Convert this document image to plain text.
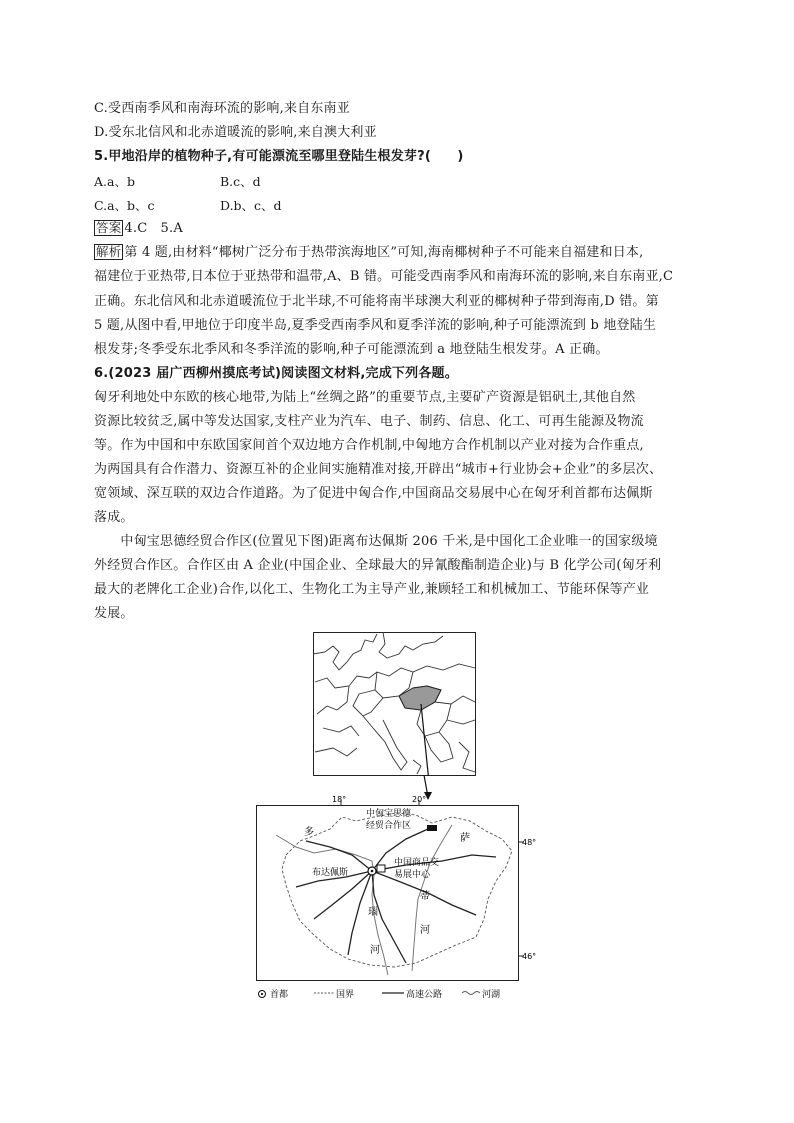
C.受西南季风和南海环流的影响,来自东南亚
D.受东北信风和北赤道暖流的影响,来自澳大利亚
5.甲地沿岸的植物种子,有可能漂流至哪里登陆生根发芽?(　　)
A.a、b	B.c、d
C.a、b、c	D.b、c、d
答案 4.C　5.A
解析 第 4 题,由材料“椰树广泛分布于热带滨海地区”可知,海南椰树种子不可能来自福建和日本,
福建位于亚热带,日本位于亚热带和温带,A、B 错。可能受西南季风和南海环流的影响,来自东南亚,C
正确。东北信风和北赤道暖流位于北半球,不可能将南半球澳大利亚的椰树种子带到海南,D 错。第
5 题,从图中看,甲地位于印度半岛,夏季受西南季风和夏季洋流的影响,种子可能漂流到 b 地登陆生
根发芽;冬季受东北季风和冬季洋流的影响,种子可能漂流到 a 地登陆生根发芽。A 正确。
6.(2023 届广西柳州摸底考试)阅读图文材料,完成下列各题。
匈牙利地处中东欧的核心地带,为陆上“丝绸之路”的重要节点,主要矿产资源是铝矾土,其他自然
资源比较贫乏,属中等发达国家,支柱产业为汽车、电子、制药、信息、化工、可再生能源及物流
等。作为中国和中东欧国家间首个双边地方合作机制,中匈地方合作机制以产业对接为合作重点,
为两国具有合作潜力、资源互补的企业间实施精准对接,开辟出“城市+行业协会+企业”的多层次、
宽领域、深互联的双边合作道路。为了促进中匈合作,中国商品交易展中心在匈牙利首都布达佩斯
落成。
　　中匈宝思德经贸合作区(位置见下图)距离布达佩斯 206 千米,是中国化工企业唯一的国家级境
外经贸合作区。合作区由 A 企业(中国企业、全球最大的异氰酸酯制造企业)与 B 化学公司(匈牙利
最大的老牌化工企业)合作,以化工、生物化工为主导产业,兼顾轻工和机械加工、节能环保等产业
发展。
18°	20°
48°
46°
中匈宝思德
经贸合作区
中国商品交
易展中心
布达佩斯
多
瑙
河
蒂
萨
河
首都	国界	高速公路	河湖
